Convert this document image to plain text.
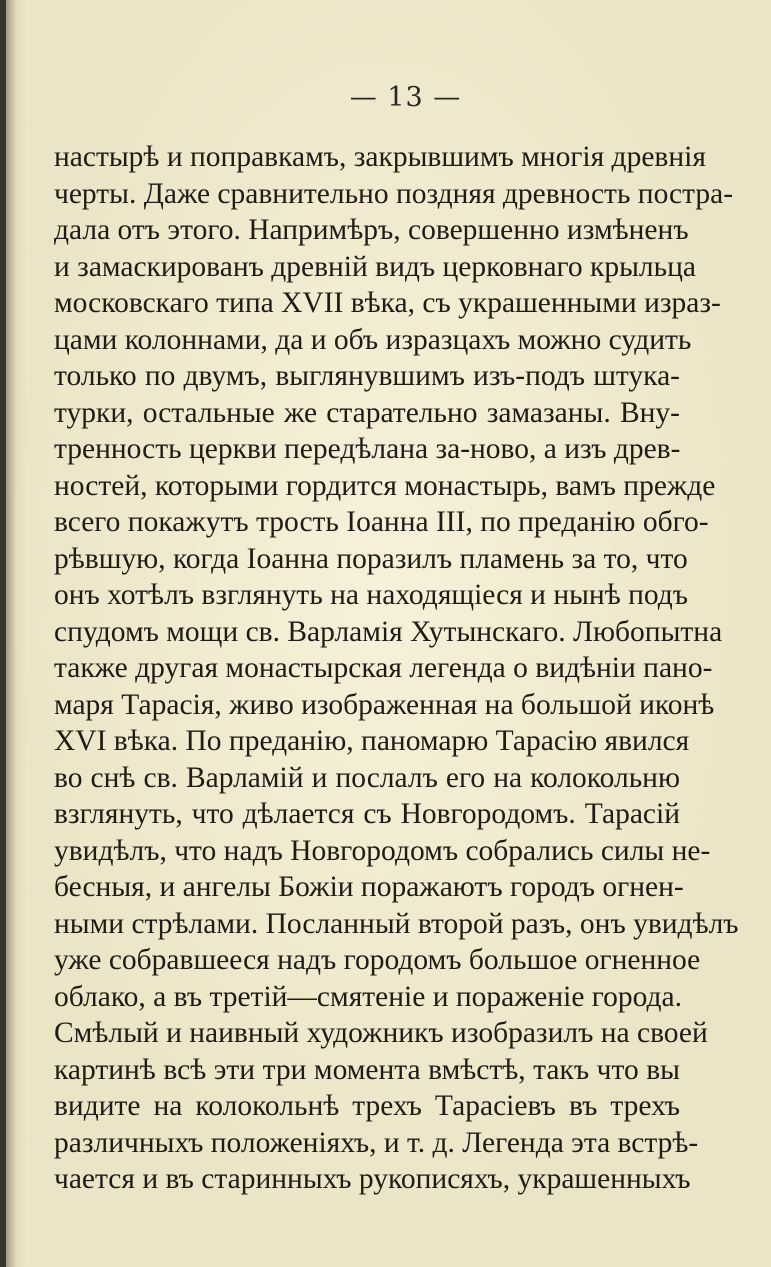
— 13 —
настырѣ и поправкамъ, закрывшимъ многія древнія
черты. Даже сравнительно поздняя древность постра-
дала отъ этого. Напримѣръ, совершенно измѣненъ
и замаскированъ древній видъ церковнаго крыльца
московскаго типа XVII вѣка, съ украшенными израз-
цами колоннами, да и объ изразцахъ можно судить
только по двумъ, выглянувшимъ изъ-подъ штука-
турки, остальные же старательно замазаны. Вну-
тренность церкви передѣлана за-ново, а изъ древ-
ностей, которыми гордится монастырь, вамъ прежде
всего покажутъ трость Іоанна III, по преданію обго-
рѣвшую, когда Іоанна поразилъ пламень за то, что
онъ хотѣлъ взглянуть на находящіеся и нынѣ подъ
спудомъ мощи св. Варламія Хутынскаго. Любопытна
также другая монастырская легенда о видѣніи пано-
маря Тарасія, живо изображенная на большой иконѣ
XVI вѣка. По преданію, паномарю Тарасію явился
во снѣ св. Варламій и послалъ его на колокольню
взглянуть, что дѣлается съ Новгородомъ. Тарасій
увидѣлъ, что надъ Новгородомъ собрались силы не-
бесныя, и ангелы Божіи поражаютъ городъ огнен-
ными стрѣлами. Посланный второй разъ, онъ увидѣлъ
уже собравшееся надъ городомъ большое огненное
облако, а въ третій—смятеніе и пораженіе города.
Смѣлый и наивный художникъ изобразилъ на своей
картинѣ всѣ эти три момента вмѣстѣ, такъ что вы
видите на колокольнѣ трехъ Тарасіевъ въ трехъ
различныхъ положеніяхъ, и т. д. Легенда эта встрѣ-
чается и въ старинныхъ рукописяхъ, украшенныхъ
